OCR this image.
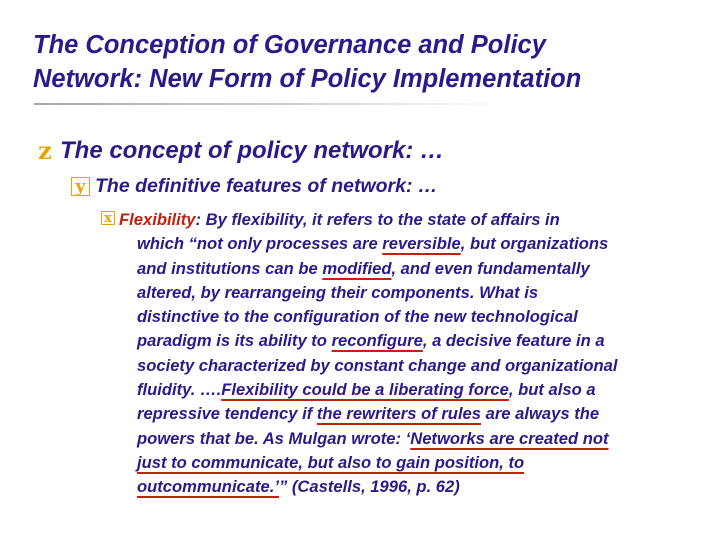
The Conception of Governance and Policy
Network: New Form of Policy Implementation
z The concept of policy network: …
y The definitive features of network: …
x Flexibility: By flexibility, it refers to the state of affairs in
which “not only processes are reversible, but organizations
and institutions can be modified, and even fundamentally
altered, by rearrangeing their components. What is
distinctive to the configuration of the new technological
paradigm is its ability to reconfigure, a decisive feature in a
society characterized by constant change and organizational
fluidity. ….Flexibility could be a liberating force, but also a
repressive tendency if the rewriters of rules are always the
powers that be. As Mulgan wrote: ‘Networks are created not
just to communicate, but also to gain position, to
outcommunicate.’” (Castells, 1996, p. 62)
